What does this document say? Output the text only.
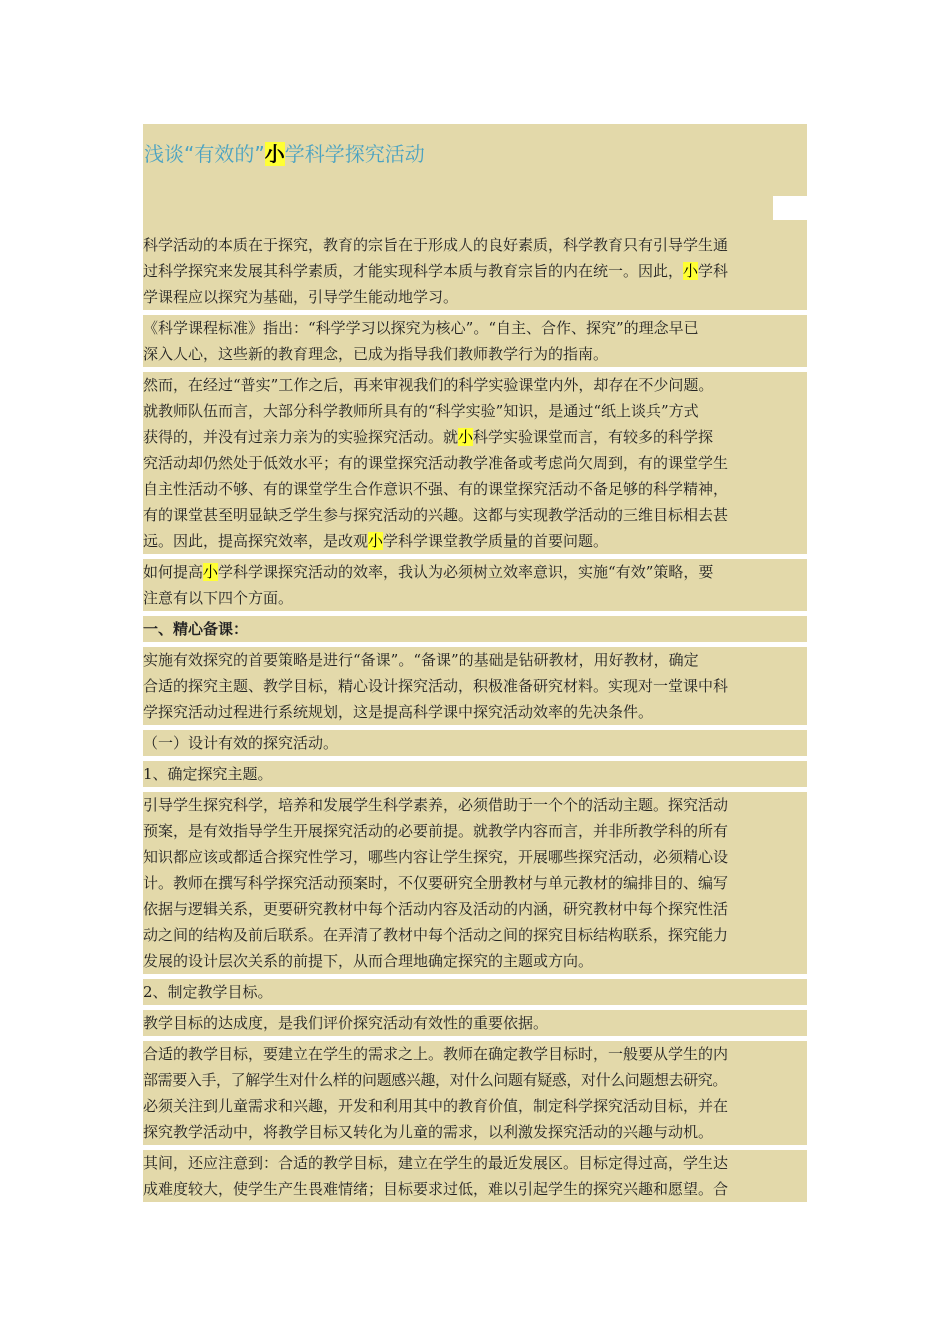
浅谈“有效的”小学科学探究活动

科学活动的本质在于探究，教育的宗旨在于形成人的良好素质，科学教育只有引导学生通
过科学探究来发展其科学素质，才能实现科学本质与教育宗旨的内在统一。因此，小学科
学课程应以探究为基础，引导学生能动地学习。

《科学课程标准》指出：“科学学习以探究为核心”。“自主、合作、探究”的理念早已
深入人心，这些新的教育理念，已成为指导我们教师教学行为的指南。

然而，在经过“普实”工作之后，再来审视我们的科学实验课堂内外，却存在不少问题。
就教师队伍而言，大部分科学教师所具有的“科学实验”知识，是通过“纸上谈兵”方式
获得的，并没有过亲力亲为的实验探究活动。就小科学实验课堂而言，有较多的科学探
究活动却仍然处于低效水平；有的课堂探究活动教学准备或考虑尚欠周到，有的课堂学生
自主性活动不够、有的课堂学生合作意识不强、有的课堂探究活动不备足够的科学精神，
有的课堂甚至明显缺乏学生参与探究活动的兴趣。这都与实现教学活动的三维目标相去甚
远。因此，提高探究效率，是改观小学科学课堂教学质量的首要问题。

如何提高小学科学课探究活动的效率，我认为必须树立效率意识，实施“有效”策略，要
注意有以下四个方面。

一、精心备课：

实施有效探究的首要策略是进行“备课”。“备课”的基础是钻研教材，用好教材，确定
合适的探究主题、教学目标，精心设计探究活动，积极准备研究材料。实现对一堂课中科
学探究活动过程进行系统规划，这是提高科学课中探究活动效率的先决条件。

（一）设计有效的探究活动。

1、确定探究主题。

引导学生探究科学，培养和发展学生科学素养，必须借助于一个个的活动主题。探究活动
预案，是有效指导学生开展探究活动的必要前提。就教学内容而言，并非所教学科的所有
知识都应该或都适合探究性学习，哪些内容让学生探究，开展哪些探究活动，必须精心设
计。教师在撰写科学探究活动预案时，不仅要研究全册教材与单元教材的编排目的、编写
依据与逻辑关系，更要研究教材中每个活动内容及活动的内涵，研究教材中每个探究性活
动之间的结构及前后联系。在弄清了教材中每个活动之间的探究目标结构联系，探究能力
发展的设计层次关系的前提下，从而合理地确定探究的主题或方向。

2、制定教学目标。

教学目标的达成度，是我们评价探究活动有效性的重要依据。

合适的教学目标，要建立在学生的需求之上。教师在确定教学目标时，一般要从学生的内
部需要入手，了解学生对什么样的问题感兴趣，对什么问题有疑惑，对什么问题想去研究。
必须关注到儿童需求和兴趣，开发和利用其中的教育价值，制定科学探究活动目标，并在
探究教学活动中，将教学目标又转化为儿童的需求，以利激发探究活动的兴趣与动机。

其间，还应注意到：合适的教学目标，建立在学生的最近发展区。目标定得过高，学生达
成难度较大，使学生产生畏难情绪；目标要求过低，难以引起学生的探究兴趣和愿望。合
